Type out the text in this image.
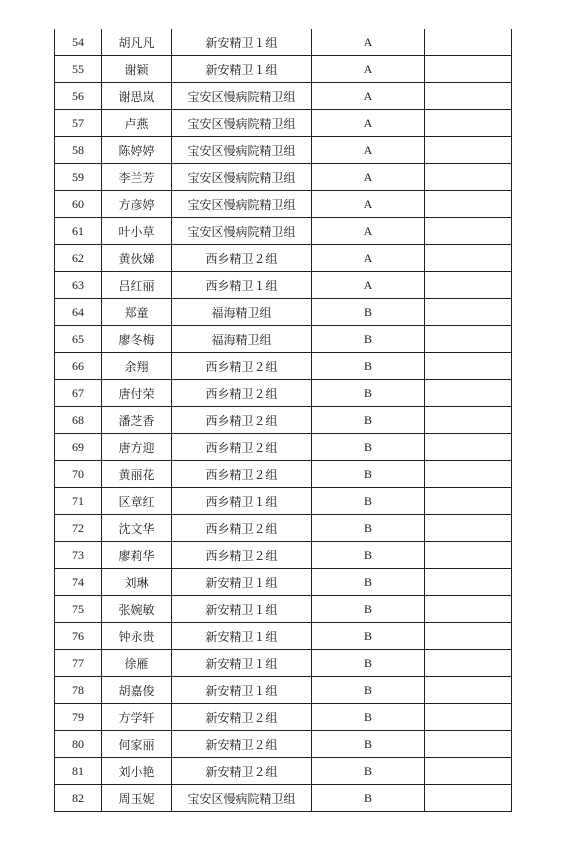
54	胡凡凡	新安精卫１组	A	
55	谢颖	新安精卫１组	A	
56	谢思岚	宝安区慢病院精卫组	A	
57	卢燕	宝安区慢病院精卫组	A	
58	陈婷婷	宝安区慢病院精卫组	A	
59	李兰芳	宝安区慢病院精卫组	A	
60	方彦婷	宝安区慢病院精卫组	A	
61	叶小草	宝安区慢病院精卫组	A	
62	黄伙娣	西乡精卫２组	A	
63	吕红丽	西乡精卫１组	A	
64	郑童	福海精卫组	B	
65	廖冬梅	福海精卫组	B	
66	余翔	西乡精卫２组	B	
67	唐付荣	西乡精卫２组	B	
68	潘芝香	西乡精卫２组	B	
69	唐方迎	西乡精卫２组	B	
70	黄丽花	西乡精卫２组	B	
71	区章红	西乡精卫１组	B	
72	沈文华	西乡精卫２组	B	
73	廖莉华	西乡精卫２组	B	
74	刘琳	新安精卫１组	B	
75	张婉敏	新安精卫１组	B	
76	钟永贵	新安精卫１组	B	
77	徐雁	新安精卫１组	B	
78	胡嘉俊	新安精卫１组	B	
79	方学轩	新安精卫２组	B	
80	何家丽	新安精卫２组	B	
81	刘小艳	新安精卫２组	B	
82	周玉妮	宝安区慢病院精卫组	B	
